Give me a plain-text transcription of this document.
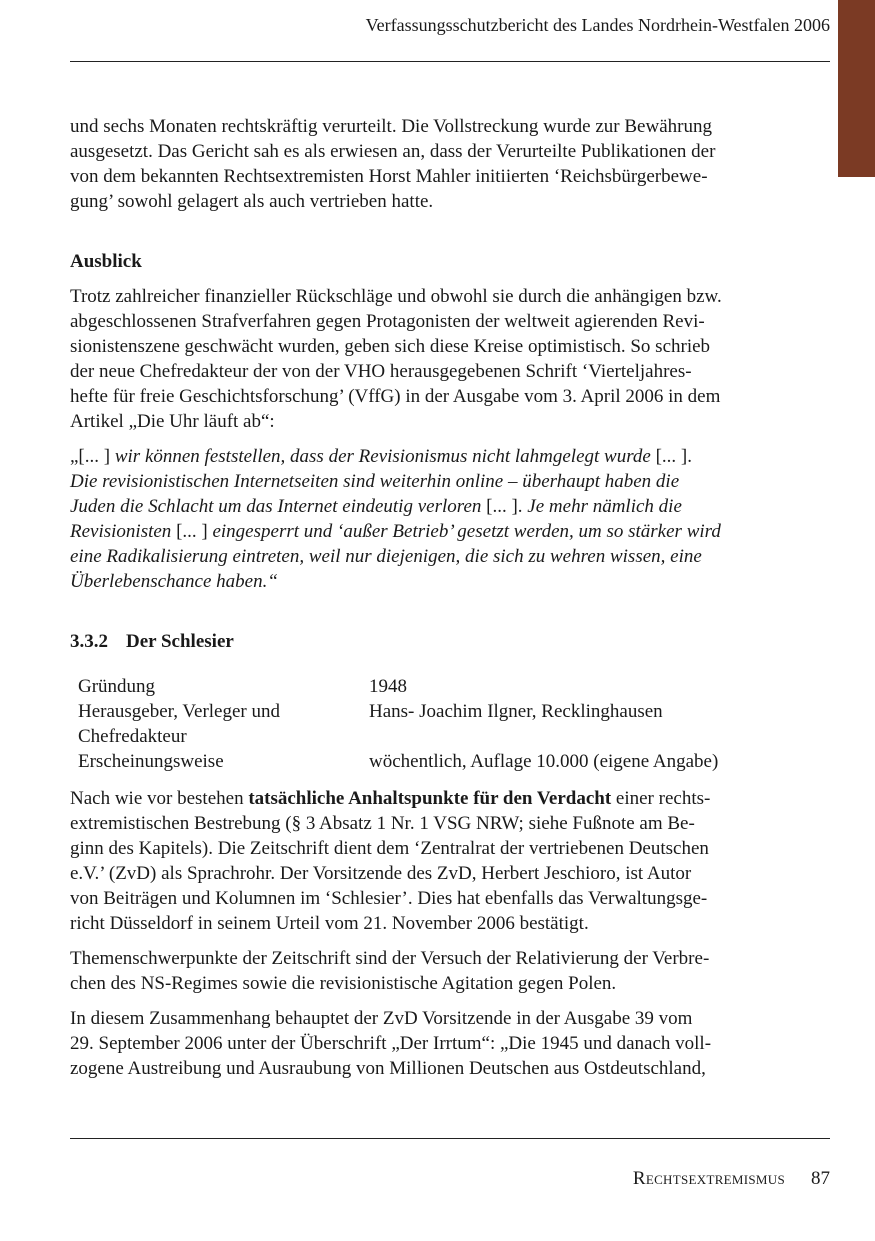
Verfassungsschutzbericht des Landes Nordrhein-Westfalen 2006

und sechs Monaten rechtskräftig verurteilt. Die Vollstreckung wurde zur Bewährung
ausgesetzt. Das Gericht sah es als erwiesen an, dass der Verurteilte Publikationen der
von dem bekannten Rechtsextremisten Horst Mahler initiierten ‘Reichsbürgerbewe-
gung’ sowohl gelagert als auch vertrieben hatte.

Ausblick

Trotz zahlreicher finanzieller Rückschläge und obwohl sie durch die anhängigen bzw.
abgeschlossenen Strafverfahren gegen Protagonisten der weltweit agierenden Revi-
sionistenszene geschwächt wurden, geben sich diese Kreise optimistisch. So schrieb
der neue Chefredakteur der von der VHO herausgegebenen Schrift ‘Vierteljahres-
hefte für freie Geschichtsforschung’ (VffG) in der Ausgabe vom 3. April 2006 in dem
Artikel „Die Uhr läuft ab“:

„[... ] wir können feststellen, dass der Revisionismus nicht lahmgelegt wurde [... ].
Die revisionistischen Internetseiten sind weiterhin online – überhaupt haben die
Juden die Schlacht um das Internet eindeutig verloren [... ]. Je mehr nämlich die
Revisionisten [... ] eingesperrt und ‘außer Betrieb’ gesetzt werden, um so stärker wird
eine Radikalisierung eintreten, weil nur diejenigen, die sich zu wehren wissen, eine
Überlebenschance haben.“

3.3.2 Der Schlesier

Gründung	1948
Herausgeber, Verleger und
Chefredakteur
Hans- Joachim Ilgner, Recklinghausen
Erscheinungsweise	wöchentlich, Auflage 10.000 (eigene Angabe)

Nach wie vor bestehen tatsächliche Anhaltspunkte für den Verdacht einer rechts-
extremistischen Bestrebung (§ 3 Absatz 1 Nr. 1 VSG NRW; siehe Fußnote am Be-
ginn des Kapitels). Die Zeitschrift dient dem ‘Zentralrat der vertriebenen Deutschen
e.V.’ (ZvD) als Sprachrohr. Der Vorsitzende des ZvD, Herbert Jeschioro, ist Autor
von Beiträgen und Kolumnen im ‘Schlesier’. Dies hat ebenfalls das Verwaltungsge-
richt Düsseldorf in seinem Urteil vom 21. November 2006 bestätigt.

Themenschwerpunkte der Zeitschrift sind der Versuch der Relativierung der Verbre-
chen des NS-Regimes sowie die revisionistische Agitation gegen Polen.

In diesem Zusammenhang behauptet der ZvD Vorsitzende in der Ausgabe 39 vom
29. September 2006 unter der Überschrift „Der Irrtum“: „Die 1945 und danach voll-
zogene Austreibung und Ausraubung von Millionen Deutschen aus Ostdeutschland,

Rechtsextremismus 87
